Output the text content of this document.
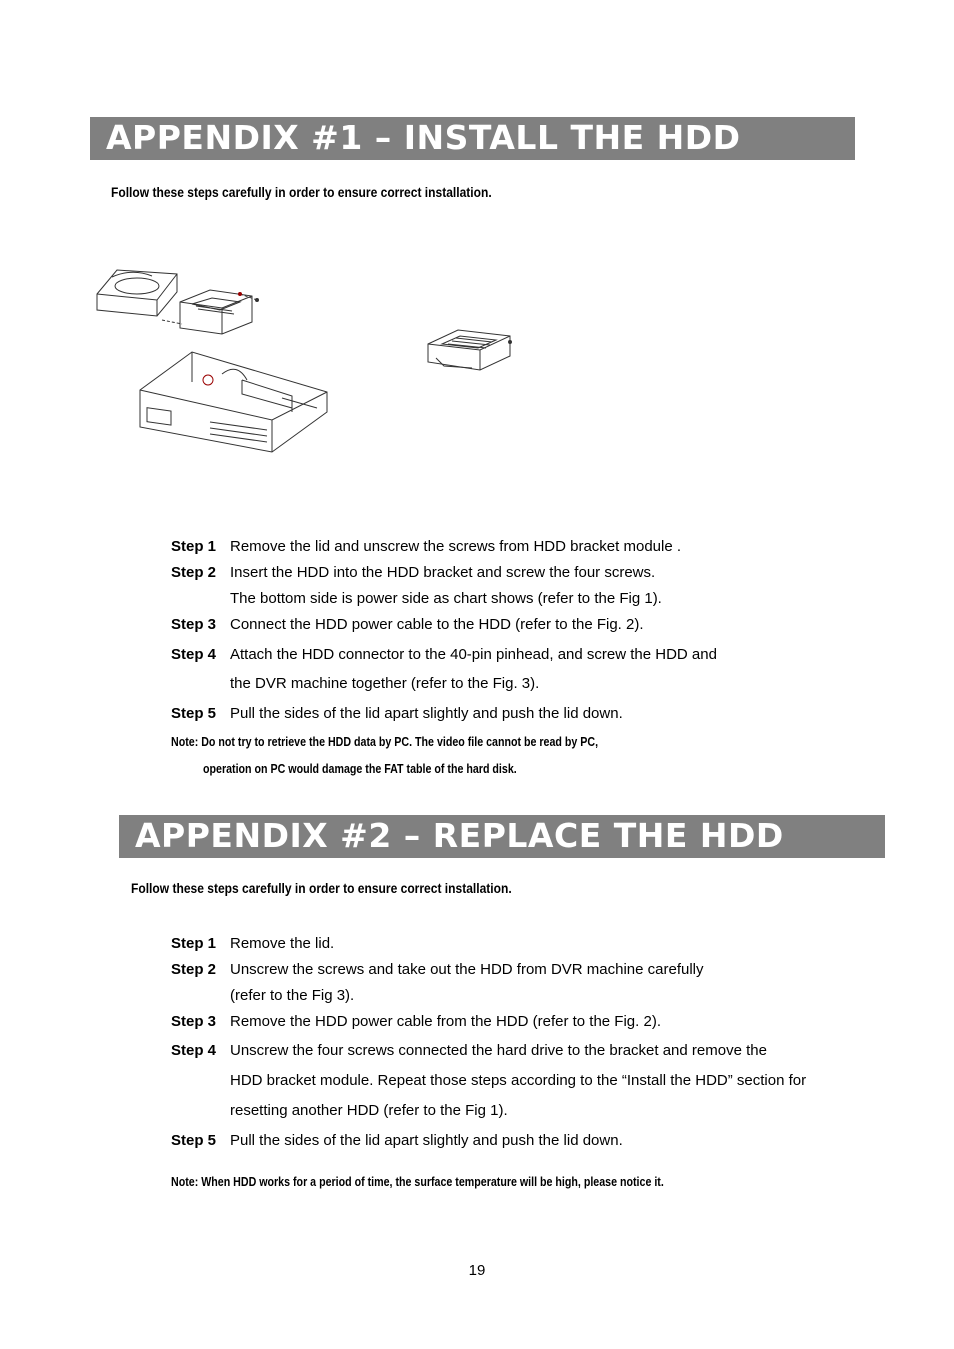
APPENDIX #1 – INSTALL THE HDD
Follow these steps carefully in order to ensure correct installation.
Step 1 Remove the lid and unscrew the screws from HDD bracket module .
Step 2 Insert the HDD into the HDD bracket and screw the four screws.
The bottom side is power side as chart shows (refer to the Fig 1).
Step 3 Connect the HDD power cable to the HDD (refer to the Fig. 2).
Step 4 Attach the HDD connector to the 40-pin pinhead, and screw the HDD and
the DVR machine together (refer to the Fig. 3).
Step 5 Pull the sides of the lid apart slightly and push the lid down.
Note: Do not try to retrieve the HDD data by PC. The video file cannot be read by PC,
operation on PC would damage the FAT table of the hard disk.
APPENDIX #2 – REPLACE THE HDD
Follow these steps carefully in order to ensure correct installation.
Step 1 Remove the lid.
Step 2 Unscrew the screws and take out the HDD from DVR machine carefully
(refer to the Fig 3).
Step 3 Remove the HDD power cable from the HDD (refer to the Fig. 2).
Step 4 Unscrew the four screws connected the hard drive to the bracket and remove the
HDD bracket module. Repeat those steps according to the “Install the HDD” section for
resetting another HDD (refer to the Fig 1).
Step 5 Pull the sides of the lid apart slightly and push the lid down.
Note: When HDD works for a period of time, the surface temperature will be high, please notice it.
19
